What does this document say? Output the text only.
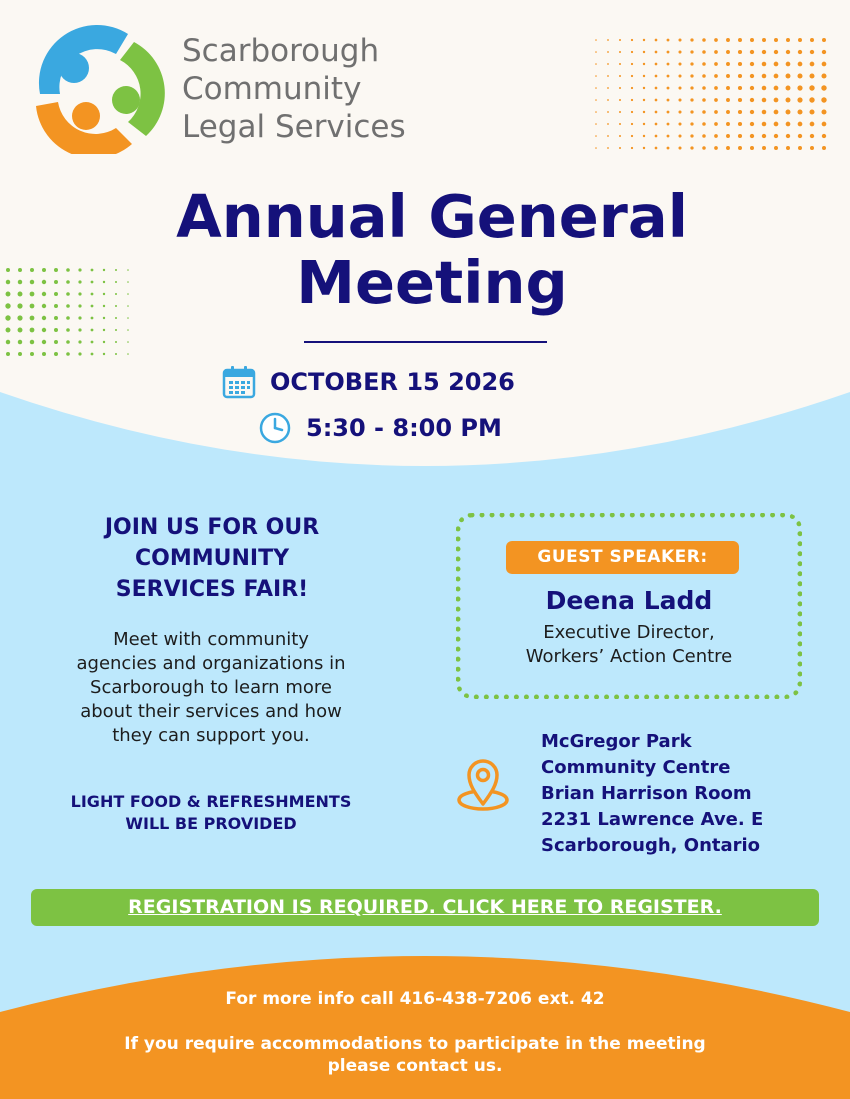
Scarborough
Community
Legal Services
Annual General
Meeting
OCTOBER 15 2026
5:30 - 8:00 PM
JOIN US FOR OUR
COMMUNITY
SERVICES FAIR!
Meet with community
agencies and organizations in
Scarborough to learn more
about their services and how
they can support you.
LIGHT FOOD & REFRESHMENTS
WILL BE PROVIDED
GUEST SPEAKER:
Deena Ladd
Executive Director,
Workers’ Action Centre
McGregor Park
Community Centre
Brian Harrison Room
2231 Lawrence Ave. E
Scarborough, Ontario
REGISTRATION IS REQUIRED. CLICK HERE TO REGISTER.
For more info call 416-438-7206 ext. 42
If you require accommodations to participate in the meeting
please contact us.
